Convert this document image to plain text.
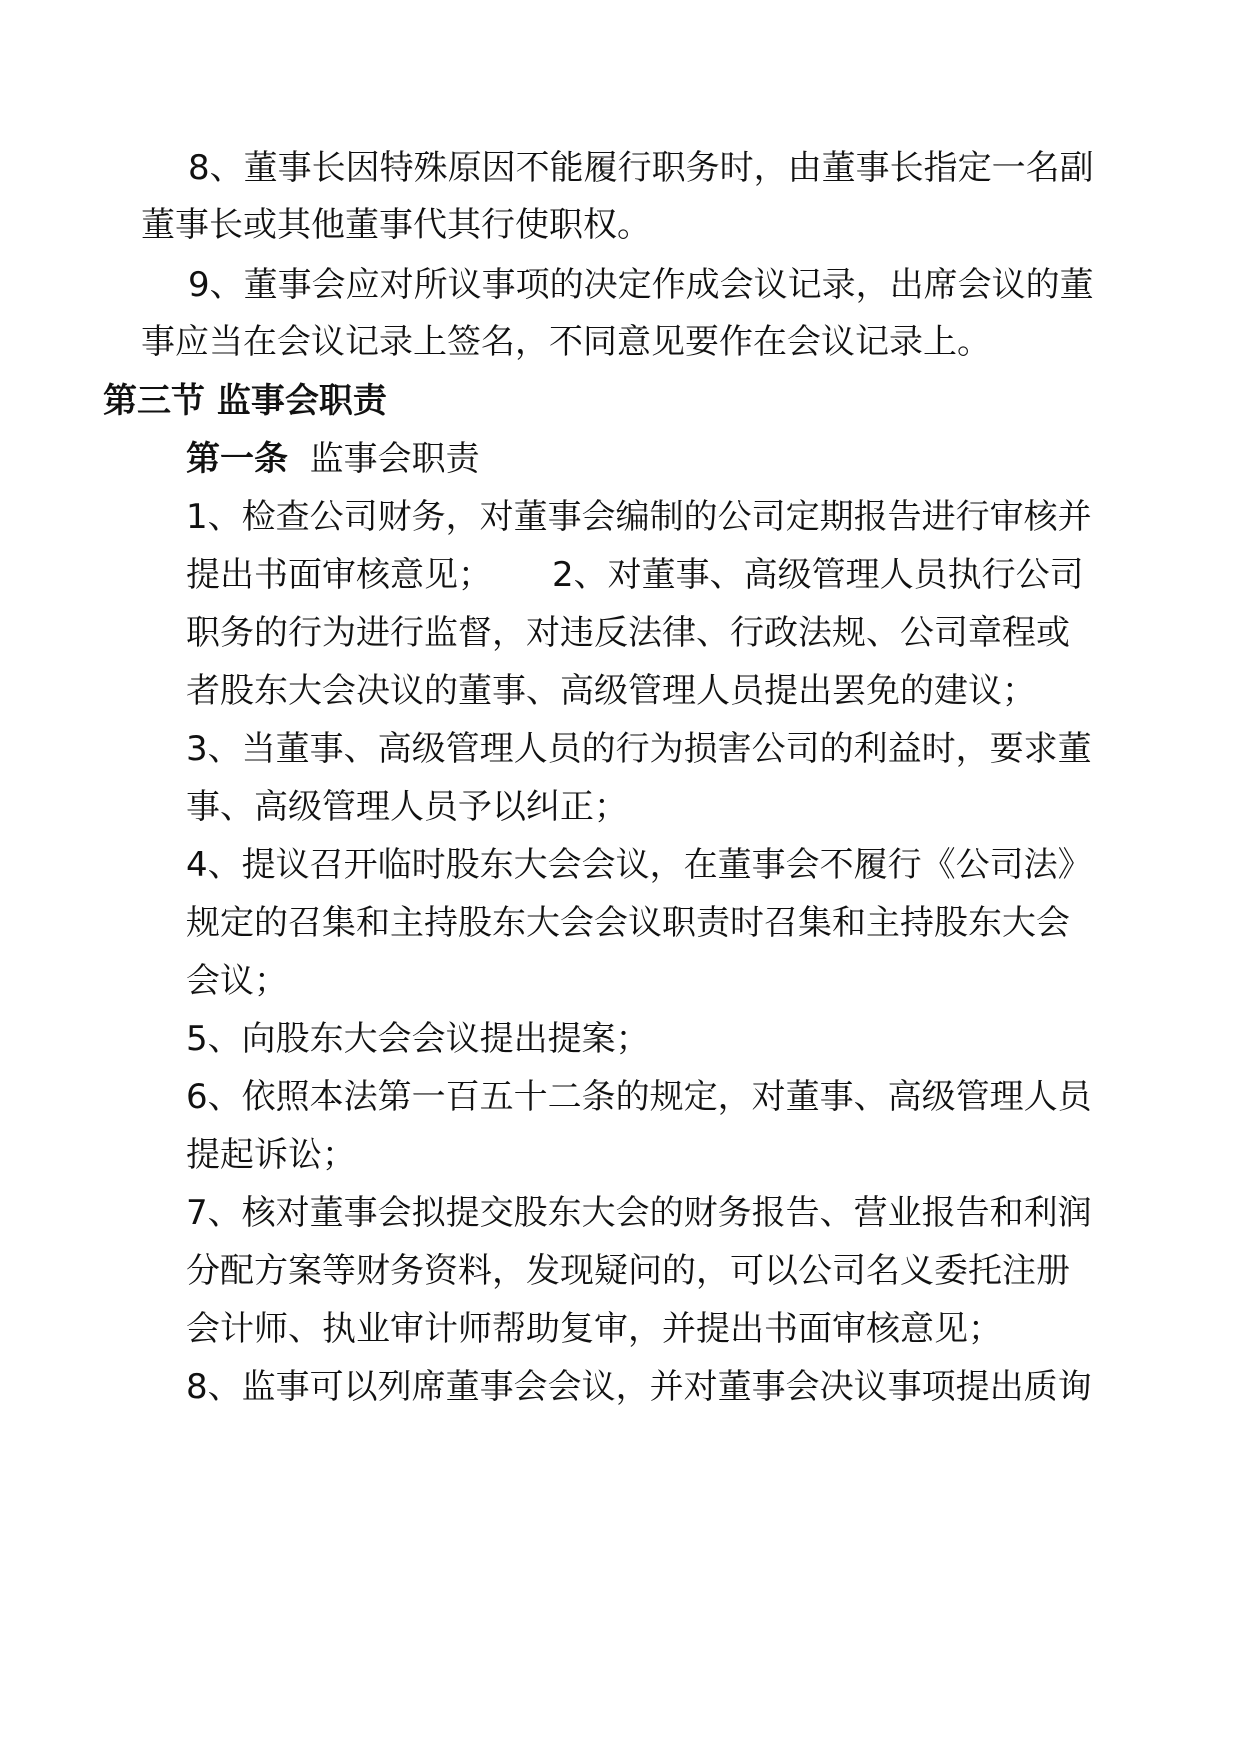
8、董事长因特殊原因不能履行职务时，由董事长指定一名副
董事长或其他董事代其行使职权。
9、董事会应对所议事项的决定作成会议记录，出席会议的董
事应当在会议记录上签名，不同意见要作在会议记录上。
第三节 监事会职责
第一条 监事会职责
1、检查公司财务，对董事会编制的公司定期报告进行审核并
提出书面审核意见； 2、对董事、高级管理人员执行公司
职务的行为进行监督，对违反法律、行政法规、公司章程或
者股东大会决议的董事、高级管理人员提出罢免的建议；
3、当董事、高级管理人员的行为损害公司的利益时，要求董
事、高级管理人员予以纠正；
4、提议召开临时股东大会会议，在董事会不履行《公司法》
规定的召集和主持股东大会会议职责时召集和主持股东大会
会议；
5、向股东大会会议提出提案；
6、依照本法第一百五十二条的规定，对董事、高级管理人员
提起诉讼；
7、核对董事会拟提交股东大会的财务报告、营业报告和利润
分配方案等财务资料，发现疑问的，可以公司名义委托注册
会计师、执业审计师帮助复审，并提出书面审核意见；
8、监事可以列席董事会会议，并对董事会决议事项提出质询
